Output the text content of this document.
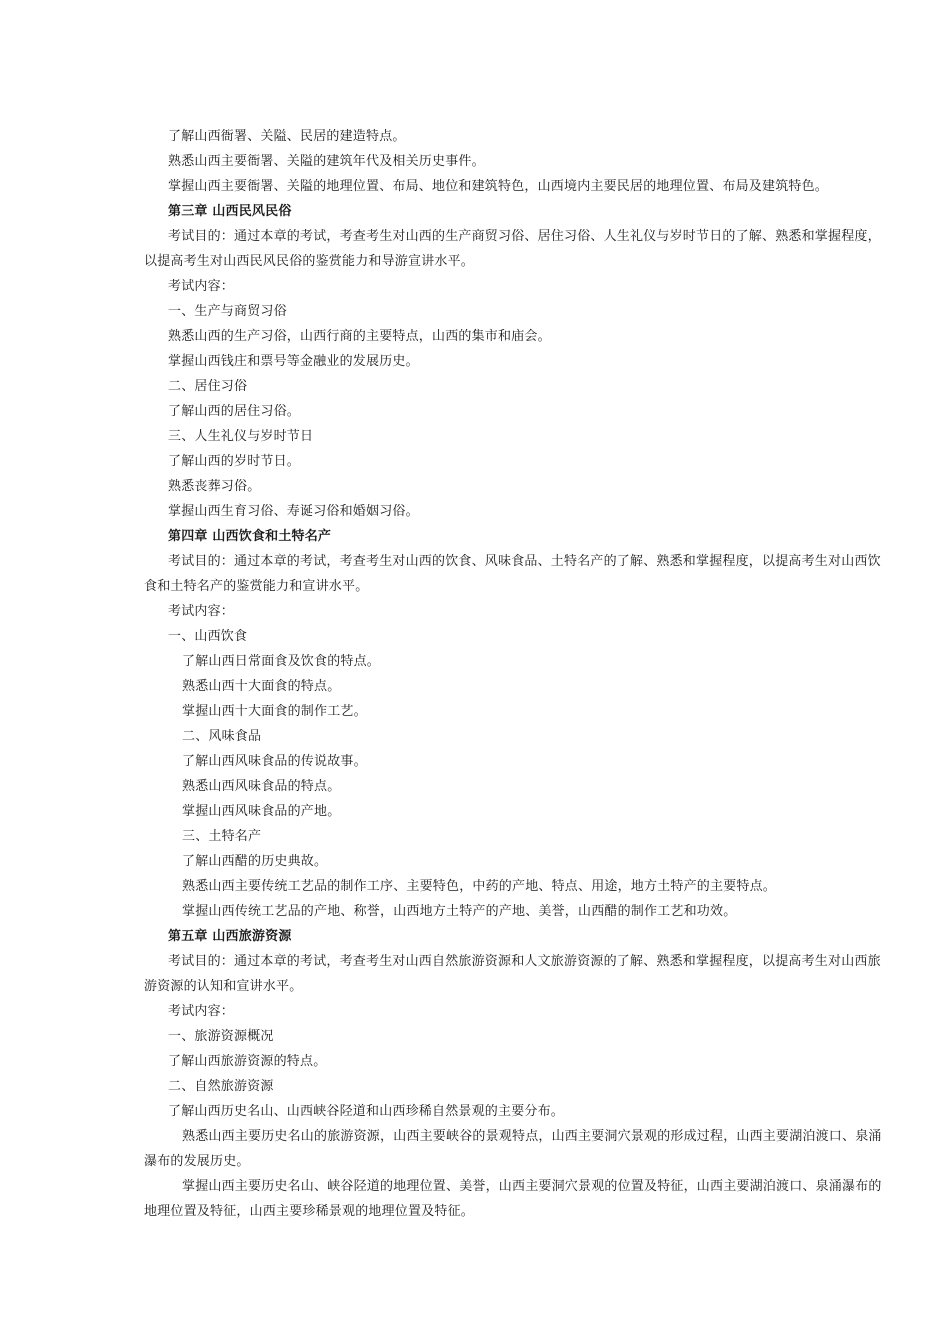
了解山西衙署、关隘、民居的建造特点。
熟悉山西主要衙署、关隘的建筑年代及相关历史事件。
掌握山西主要衙署、关隘的地理位置、布局、地位和建筑特色，山西境内主要民居的地理位置、布局及建筑特色。
第三章 山西民风民俗
考试目的：通过本章的考试，考查考生对山西的生产商贸习俗、居住习俗、人生礼仪与岁时节日的了解、熟悉和掌握程度，以提高考生对山西民风民俗的鉴赏能力和导游宣讲水平。
考试内容：
一、生产与商贸习俗
熟悉山西的生产习俗，山西行商的主要特点，山西的集市和庙会。
掌握山西钱庄和票号等金融业的发展历史。
二、居住习俗
了解山西的居住习俗。
三、人生礼仪与岁时节日
了解山西的岁时节日。
熟悉丧葬习俗。
掌握山西生育习俗、寿诞习俗和婚姻习俗。
第四章 山西饮食和土特名产
考试目的：通过本章的考试，考查考生对山西的饮食、风味食品、土特名产的了解、熟悉和掌握程度，以提高考生对山西饮食和土特名产的鉴赏能力和宣讲水平。
考试内容：
一、山西饮食
了解山西日常面食及饮食的特点。
熟悉山西十大面食的特点。
掌握山西十大面食的制作工艺。
二、风味食品
了解山西风味食品的传说故事。
熟悉山西风味食品的特点。
掌握山西风味食品的产地。
三、土特名产
了解山西醋的历史典故。
熟悉山西主要传统工艺品的制作工序、主要特色，中药的产地、特点、用途，地方土特产的主要特点。
掌握山西传统工艺品的产地、称誉，山西地方土特产的产地、美誉，山西醋的制作工艺和功效。
第五章 山西旅游资源
考试目的：通过本章的考试，考查考生对山西自然旅游资源和人文旅游资源的了解、熟悉和掌握程度，以提高考生对山西旅游资源的认知和宣讲水平。
考试内容：
一、旅游资源概况
了解山西旅游资源的特点。
二、自然旅游资源
了解山西历史名山、山西峡谷陉道和山西珍稀自然景观的主要分布。
熟悉山西主要历史名山的旅游资源，山西主要峡谷的景观特点，山西主要洞穴景观的形成过程，山西主要湖泊渡口、泉涌瀑布的发展历史。
掌握山西主要历史名山、峡谷陉道的地理位置、美誉，山西主要洞穴景观的位置及特征，山西主要湖泊渡口、泉涌瀑布的地理位置及特征，山西主要珍稀景观的地理位置及特征。
